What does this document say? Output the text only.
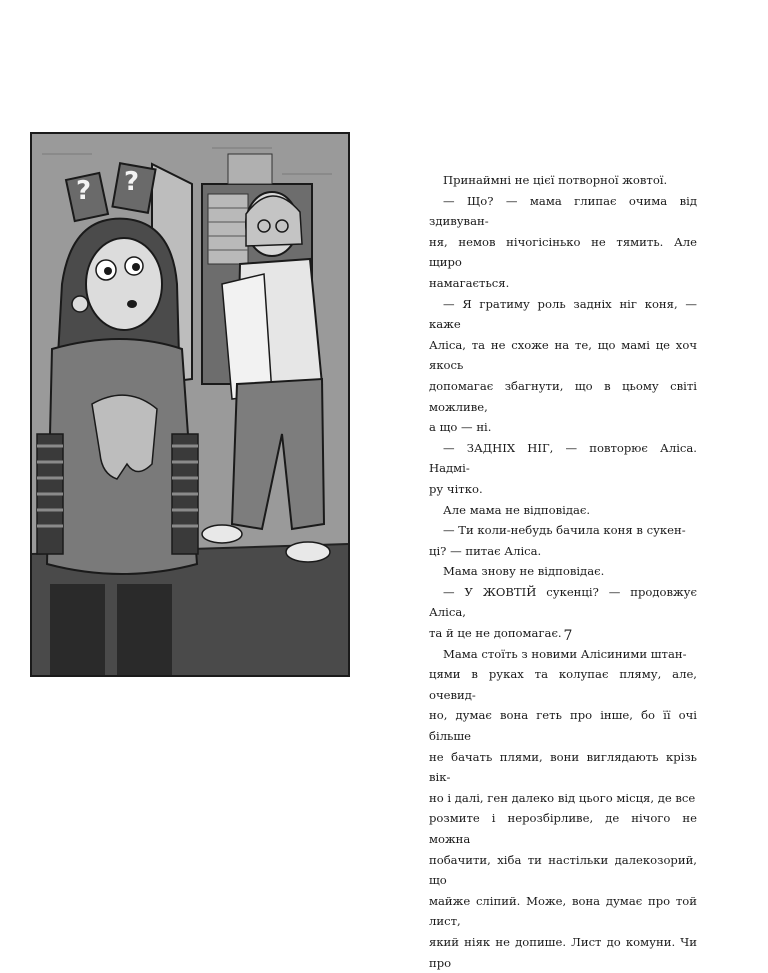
? ?	Принаймні не цієї потворної жовтої.

— Що? — мама глипає очима від здивуван-

ня, немов нічогісінько не тямить. Але щиро

намагається.

— Я гратиму роль задніх ніг коня, — каже

Аліса, та не схоже на те, що мамі це хоч якось

допомагає збагнути, що в цьому світі можливе,

а що — ні.

— ЗАДНІХ НІГ, — повторює Аліса. Надмі-

ру чітко.

Але мама не відповідає.

— Ти коли-небудь бачила коня в сукен-

ці? — питає Аліса.

Мама знову не відповідає.

— У ЖОВТІЙ сукенці? — продовжує Аліса,

та й це не допомагає.

Мама стоїть з новими Алісиними штан-

цями в руках та колупає пляму, але, очевид-

но, думає вона геть про інше, бо її очі більше

не бачать плями, вони виглядають крізь вік-

но і далі, ген далеко від цього місця, де все

розмите і нерозбірливе, де нічого не можна

побачити, хіба ти настільки далекозорий, що

майже сліпий. Може, вона думає про той лист,

який ніяк не допише. Лист до комуни. Чи про

7
